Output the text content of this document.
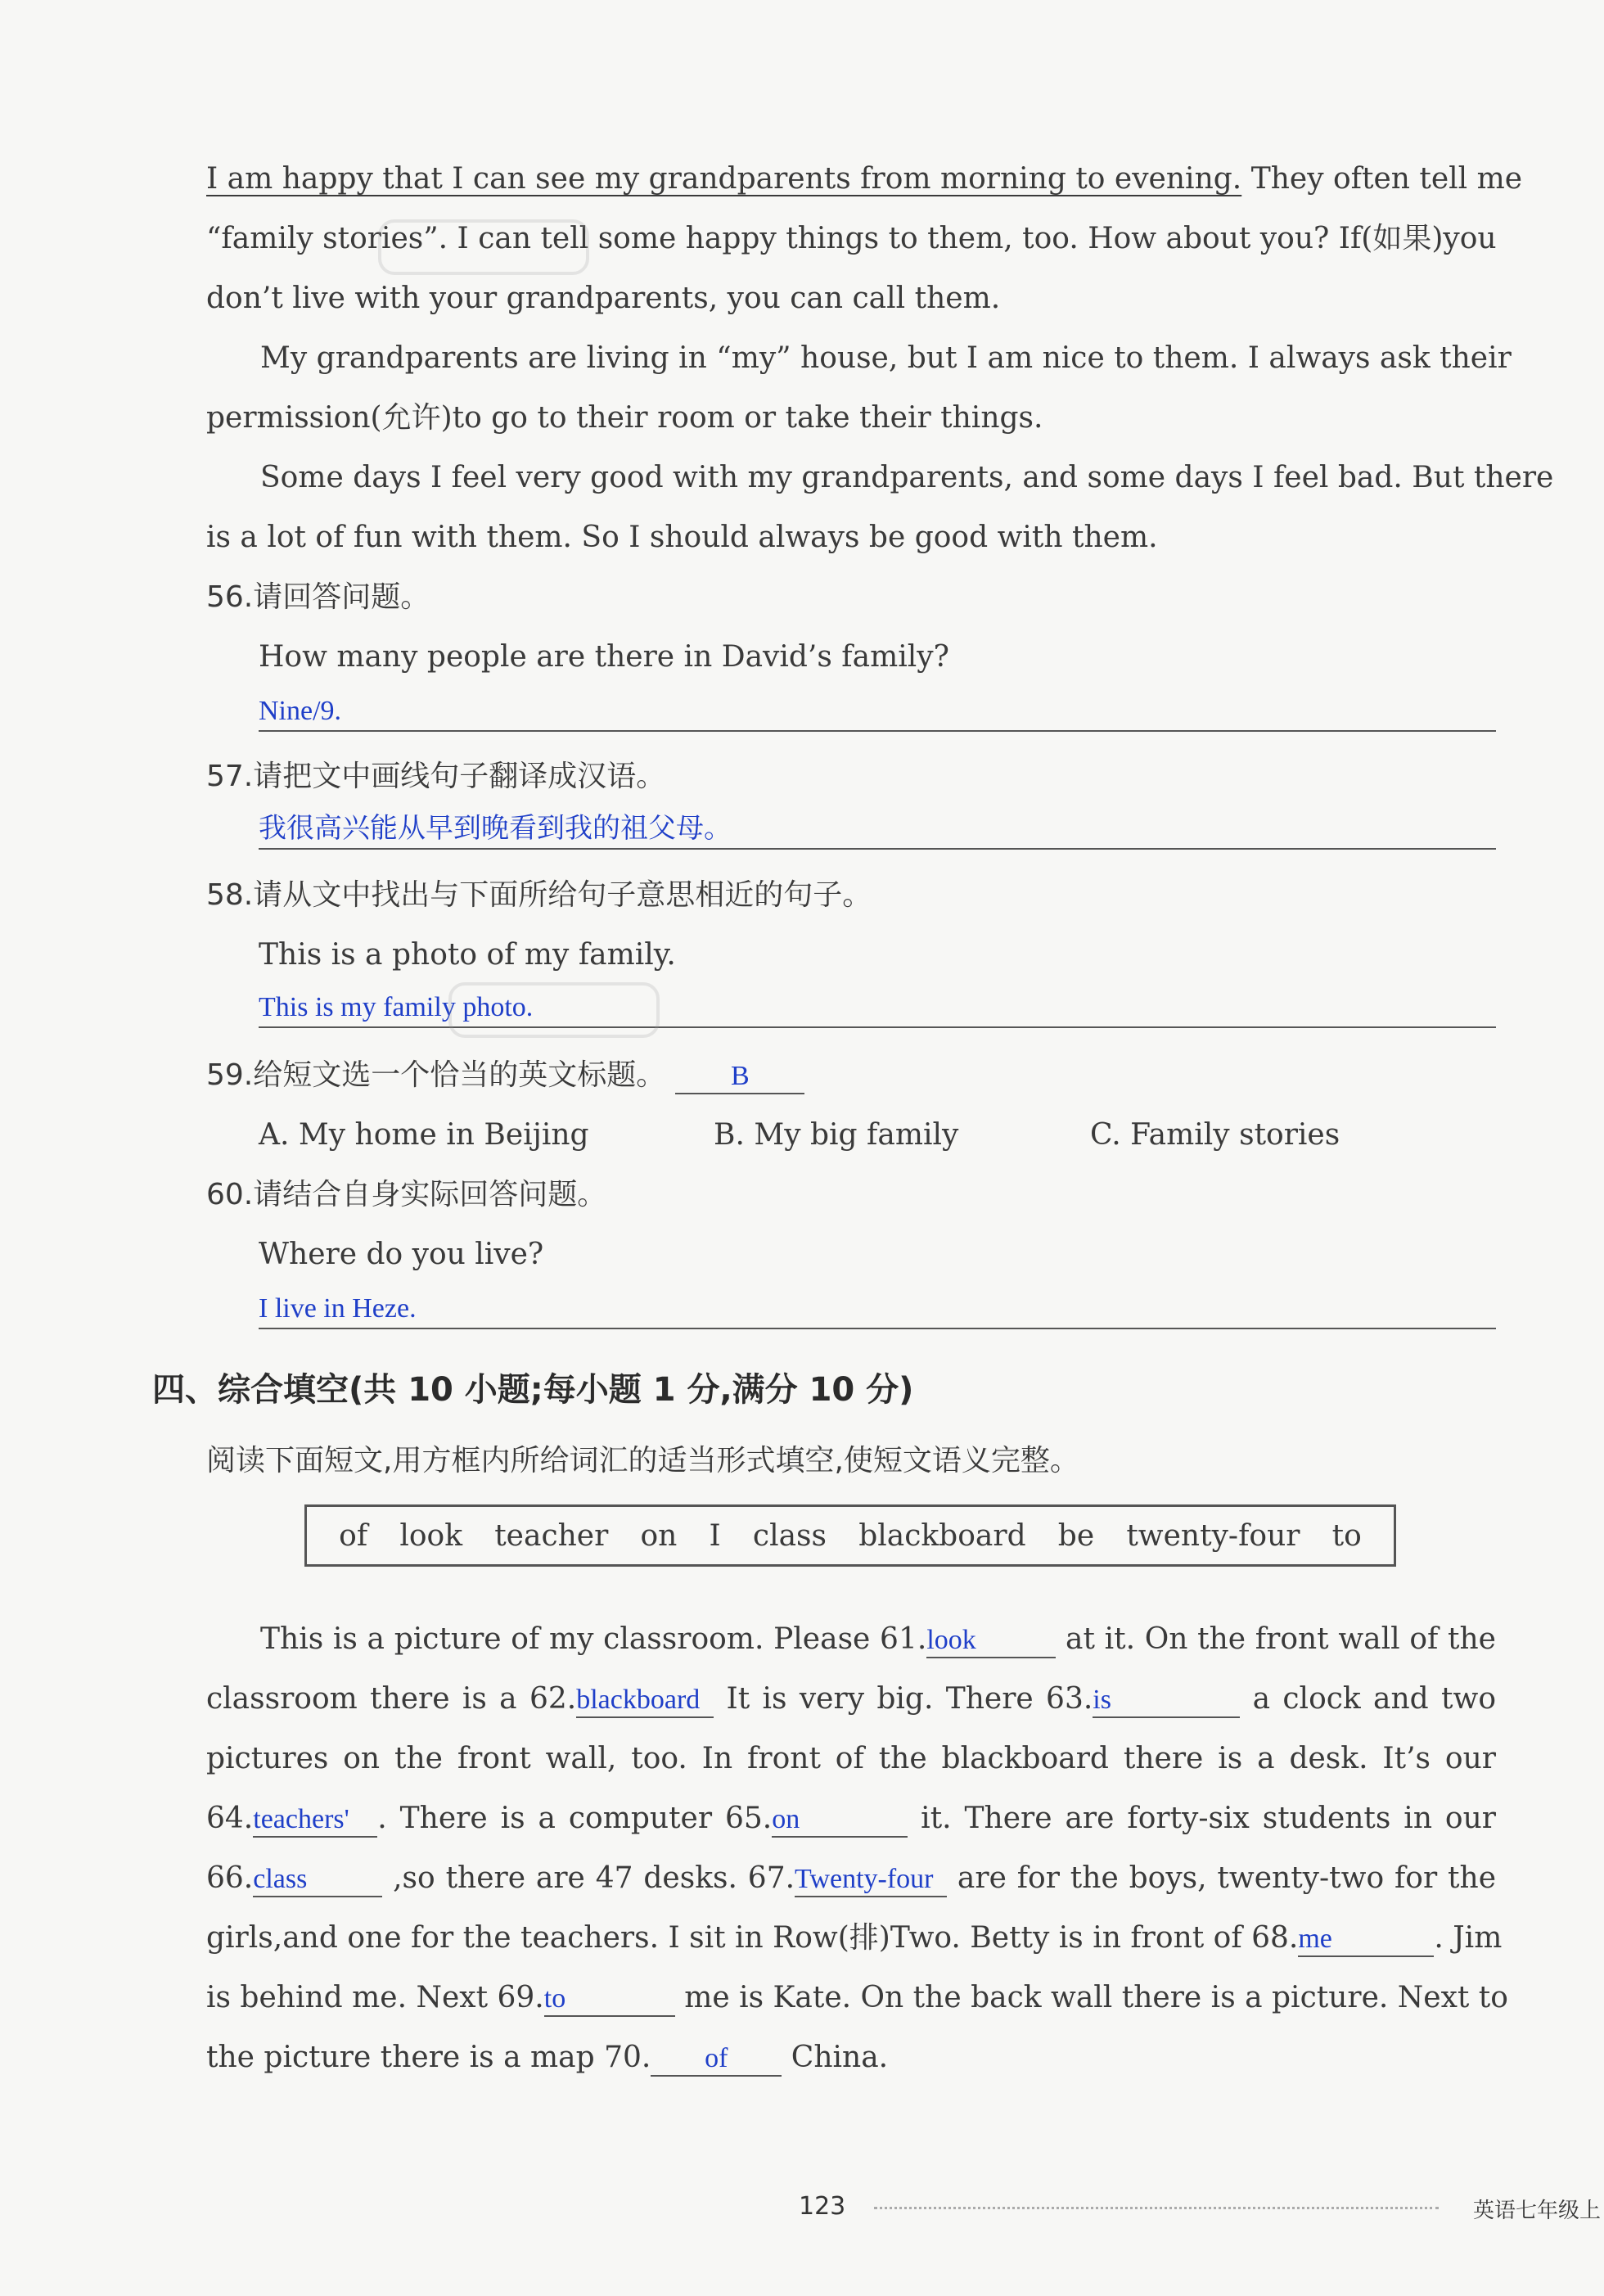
I am happy that I can see my grandparents from morning to evening. They often tell me
“family stories”. I can tell some happy things to them, too. How about you? If(如果)you
don’t live with your grandparents, you can call them.
My grandparents are living in “my” house, but I am nice to them. I always ask their
permission(允许)to go to their room or take their things.
Some days I feel very good with my grandparents, and some days I feel bad. But there
is a lot of fun with them. So I should always be good with them.
56.请回答问题。
How many people are there in David’s family?
Nine/9.
57.请把文中画线句子翻译成汉语。
我很高兴能从早到晚看到我的祖父母。
58.请从文中找出与下面所给句子意思相近的句子。
This is a photo of my family.
This is my family photo.
59.给短文选一个恰当的英文标题。 B
A. My home in Beijing	B. My big family	C. Family stories
60.请结合自身实际回答问题。
Where do you live?
I live in Heze.
四、综合填空(共 10 小题;每小题 1 分,满分 10 分)
阅读下面短文,用方框内所给词汇的适当形式填空,使短文语义完整。
of look teacher on I class blackboard be twenty-four to
This is a picture of my classroom. Please 61.look	at it. On the front wall of the
classroom there is a 62.blackboard It is very big. There 63.is	a clock and two
pictures on the front wall, too. In front of the blackboard there is a desk. It’s our
64.teachers' . There is a computer 65.on	it. There are forty-six students in our
66.class	,so there are 47 desks. 67.Twenty-four are for the boys, twenty-two for the
girls,and one for the teachers. I sit in Row(排)Two. Betty is in front of 68.me	. Jim
is behind me. Next 69.to	me is Kate. On the back wall there is a picture. Next to
the picture there is a map 70. of China.
123	英语七年级上
